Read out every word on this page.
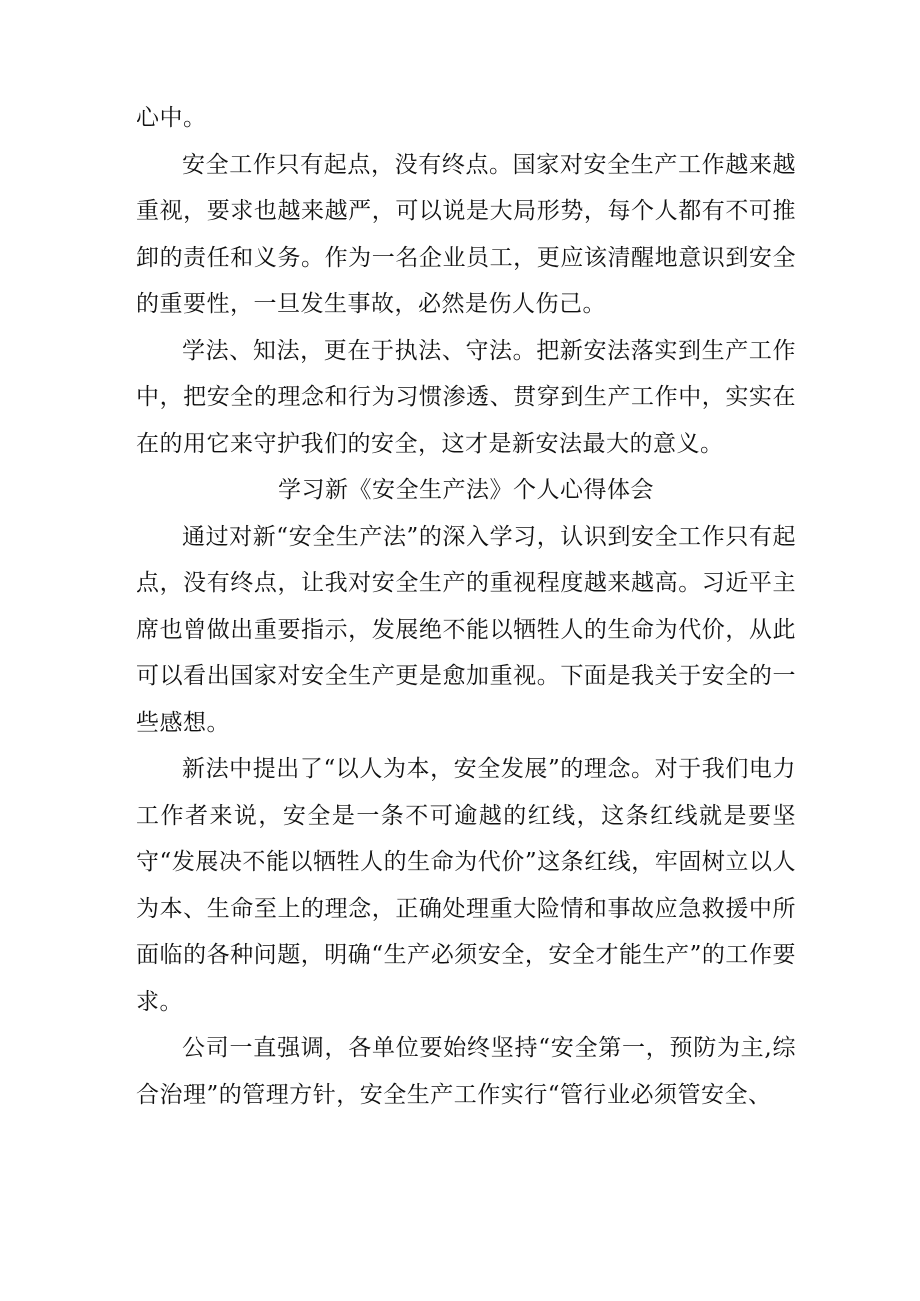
心中。

安全工作只有起点，没有终点。国家对安全生产工作越来越重视，要求也越来越严，可以说是大局形势，每个人都有不可推卸的责任和义务。作为一名企业员工，更应该清醒地意识到安全的重要性，一旦发生事故，必然是伤人伤己。

学法、知法，更在于执法、守法。把新安法落实到生产工作中，把安全的理念和行为习惯渗透、贯穿到生产工作中，实实在在的用它来守护我们的安全，这才是新安法最大的意义。

学习新《安全生产法》个人心得体会

通过对新“安全生产法”的深入学习，认识到安全工作只有起点，没有终点，让我对安全生产的重视程度越来越高。习近平主席也曾做出重要指示，发展绝不能以牺牲人的生命为代价，从此可以看出国家对安全生产更是愈加重视。下面是我关于安全的一些感想。

新法中提出了“以人为本，安全发展”的理念。对于我们电力工作者来说，安全是一条不可逾越的红线，这条红线就是要坚守“发展决不能以牺牲人的生命为代价”这条红线，牢固树立以人为本、生命至上的理念，正确处理重大险情和事故应急救援中所面临的各种问题，明确“生产必须安全，安全才能生产”的工作要求。

公司一直强调，各单位要始终坚持“安全第一，预防为主,综合治理”的管理方针，安全生产工作实行“管行业必须管安全、
